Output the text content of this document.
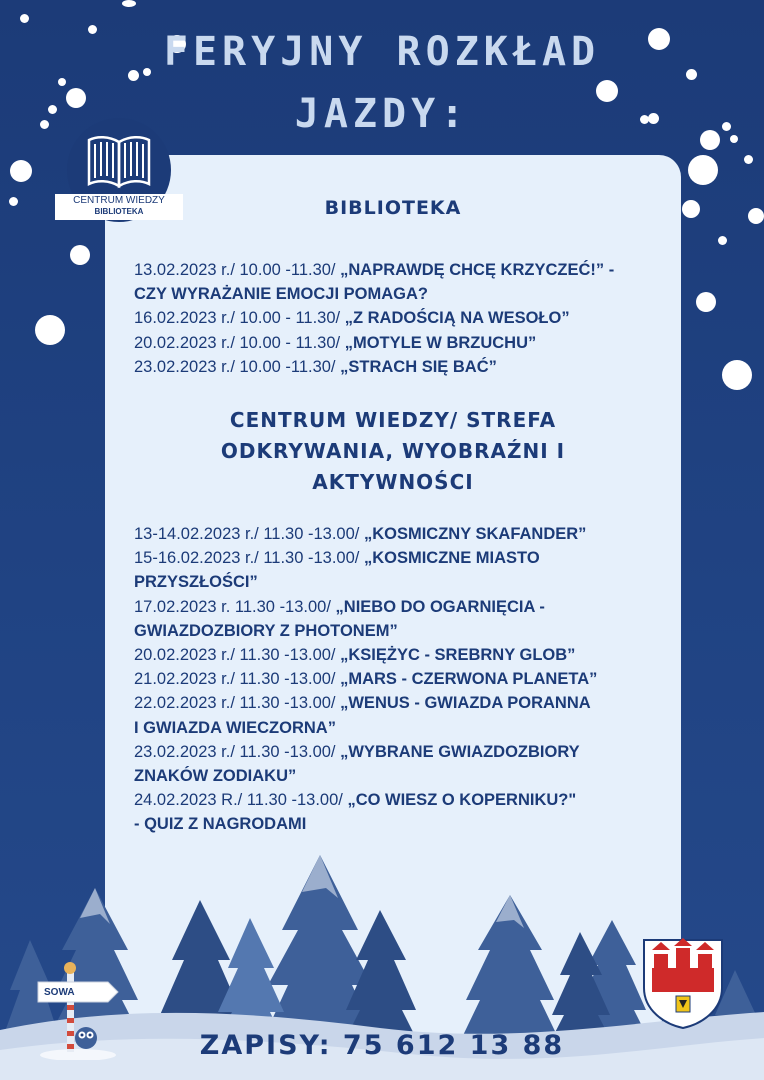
FERYJNY ROZKŁAD
JAZDY:
CENTRUM WIEDZY
BIBLIOTEKA	BIBLIOTEKA
13.02.2023 r./ 10.00 -11.30/ „NAPRAWDĘ CHCĘ KRZYCZEĆ!” -
CZY WYRAŻANIE EMOCJI POMAGA?
16.02.2023 r./ 10.00 - 11.30/ „Z RADOŚCIĄ NA WESOŁO”
20.02.2023 r./ 10.00 - 11.30/ „MOTYLE W BRZUCHU”
23.02.2023 r./ 10.00 -11.30/ „STRACH SIĘ BAĆ”
CENTRUM WIEDZY/ STREFA
ODKRYWANIA, WYOBRAŹNI I
AKTYWNOŚCI
13-14.02.2023 r./ 11.30 -13.00/ „KOSMICZNY SKAFANDER”
15-16.02.2023 r./ 11.30 -13.00/ „KOSMICZNE MIASTO
PRZYSZŁOŚCI”
17.02.2023 r. 11.30 -13.00/ „NIEBO DO OGARNIĘCIA -
GWIAZDOZBIORY Z PHOTONEM”
20.02.2023 r./ 11.30 -13.00/ „KSIĘŻYC - SREBRNY GLOB”
21.02.2023 r./ 11.30 -13.00/ „MARS - CZERWONA PLANETA”
22.02.2023 r./ 11.30 -13.00/ „WENUS - GWIAZDA PORANNA
I GWIAZDA WIECZORNA”
23.02.2023 r./ 11.30 -13.00/ „WYBRANE GWIAZDOZBIORY
ZNAKÓW ZODIAKU”
24.02.2023 R./ 11.30 -13.00/ „CO WIESZ O KOPERNIKU?"
- QUIZ Z NAGRODAMI
SOWA
ZAPISY: 75 612 13 88
